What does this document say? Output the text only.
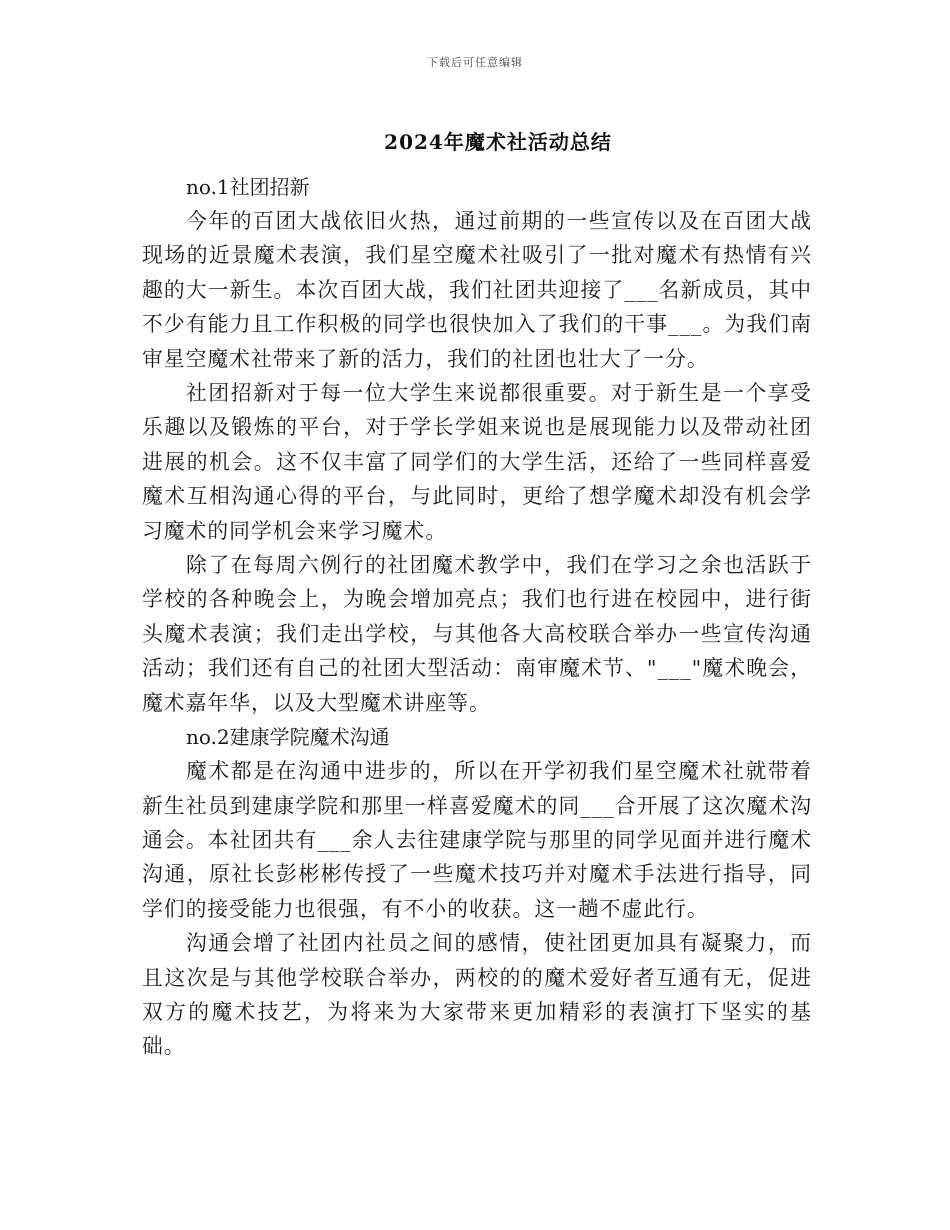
下载后可任意编辑
2024年魔术社活动总结

no.1社团招新

今年的百团大战依旧火热，通过前期的一些宣传以及在百团大战现场的近景魔术表演，我们星空魔术社吸引了一批对魔术有热情有兴趣的大一新生。本次百团大战，我们社团共迎接了___名新成员，其中不少有能力且工作积极的同学也很快加入了我们的干事___。为我们南审星空魔术社带来了新的活力，我们的社团也壮大了一分。

社团招新对于每一位大学生来说都很重要。对于新生是一个享受乐趣以及锻炼的平台，对于学长学姐来说也是展现能力以及带动社团进展的机会。这不仅丰富了同学们的大学生活，还给了一些同样喜爱魔术互相沟通心得的平台，与此同时，更给了想学魔术却没有机会学习魔术的同学机会来学习魔术。

除了在每周六例行的社团魔术教学中，我们在学习之余也活跃于学校的各种晚会上，为晚会增加亮点；我们也行进在校园中，进行街头魔术表演；我们走出学校，与其他各大高校联合举办一些宣传沟通活动；我们还有自己的社团大型活动：南审魔术节、"___"魔术晚会，魔术嘉年华，以及大型魔术讲座等。

no.2建康学院魔术沟通

魔术都是在沟通中进步的，所以在开学初我们星空魔术社就带着新生社员到建康学院和那里一样喜爱魔术的同___合开展了这次魔术沟通会。本社团共有___余人去往建康学院与那里的同学见面并进行魔术沟通，原社长彭彬彬传授了一些魔术技巧并对魔术手法进行指导，同学们的接受能力也很强，有不小的收获。这一趟不虚此行。

沟通会增了社团内社员之间的感情，使社团更加具有凝聚力，而且这次是与其他学校联合举办，两校的的魔术爱好者互通有无，促进双方的魔术技艺，为将来为大家带来更加精彩的表演打下坚实的基础。
